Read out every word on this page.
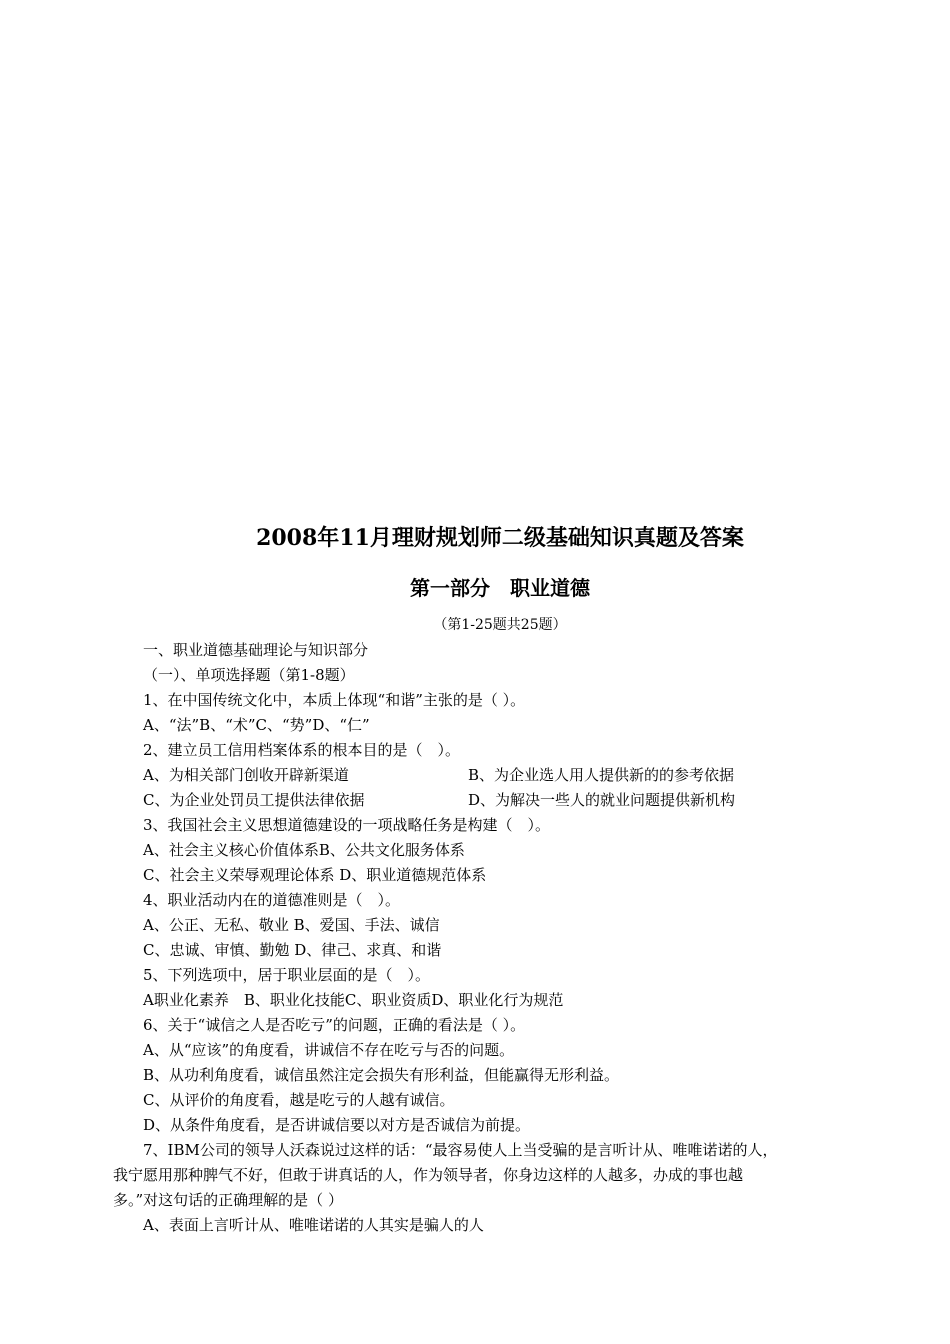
2008年11月理财规划师二级基础知识真题及答案
第一部分　职业道德
（第1-25题共25题）
一、职业道德基础理论与知识部分
（一）、单项选择题（第1-8题）
1、在中国传统文化中，本质上体现“和谐”主张的是（ ）。
A、“法”B、“术”C、“势”D、“仁”
2、建立员工信用档案体系的根本目的是（　）。
A、为相关部门创收开辟新渠道	B、为企业选人用人提供新的的参考依据
C、为企业处罚员工提供法律依据	D、为解决一些人的就业问题提供新机构
3、我国社会主义思想道德建设的一项战略任务是构建（　）。
A、社会主义核心价值体系B、公共文化服务体系
C、社会主义荣辱观理论体系 D、职业道德规范体系
4、职业活动内在的道德准则是（　）。
A、公正、无私、敬业 B、爱国、手法、诚信
C、忠诚、审慎、勤勉 D、律己、求真、和谐
5、下列选项中，居于职业层面的是（　）。
A职业化素养　B、职业化技能C、职业资质D、职业化行为规范
6、关于“诚信之人是否吃亏”的问题，正确的看法是（ ）。
A、从“应该”的角度看，讲诚信不存在吃亏与否的问题。
B、从功利角度看，诚信虽然注定会损失有形利益，但能赢得无形利益。
C、从评价的角度看，越是吃亏的人越有诚信。
D、从条件角度看，是否讲诚信要以对方是否诚信为前提。
7、IBM公司的领导人沃森说过这样的话：“最容易使人上当受骗的是言听计从、唯唯诺诺的人，
我宁愿用那种脾气不好，但敢于讲真话的人，作为领导者，你身边这样的人越多，办成的事也越
多。”对这句话的正确理解的是（ ）
A、表面上言听计从、唯唯诺诺的人其实是骗人的人
